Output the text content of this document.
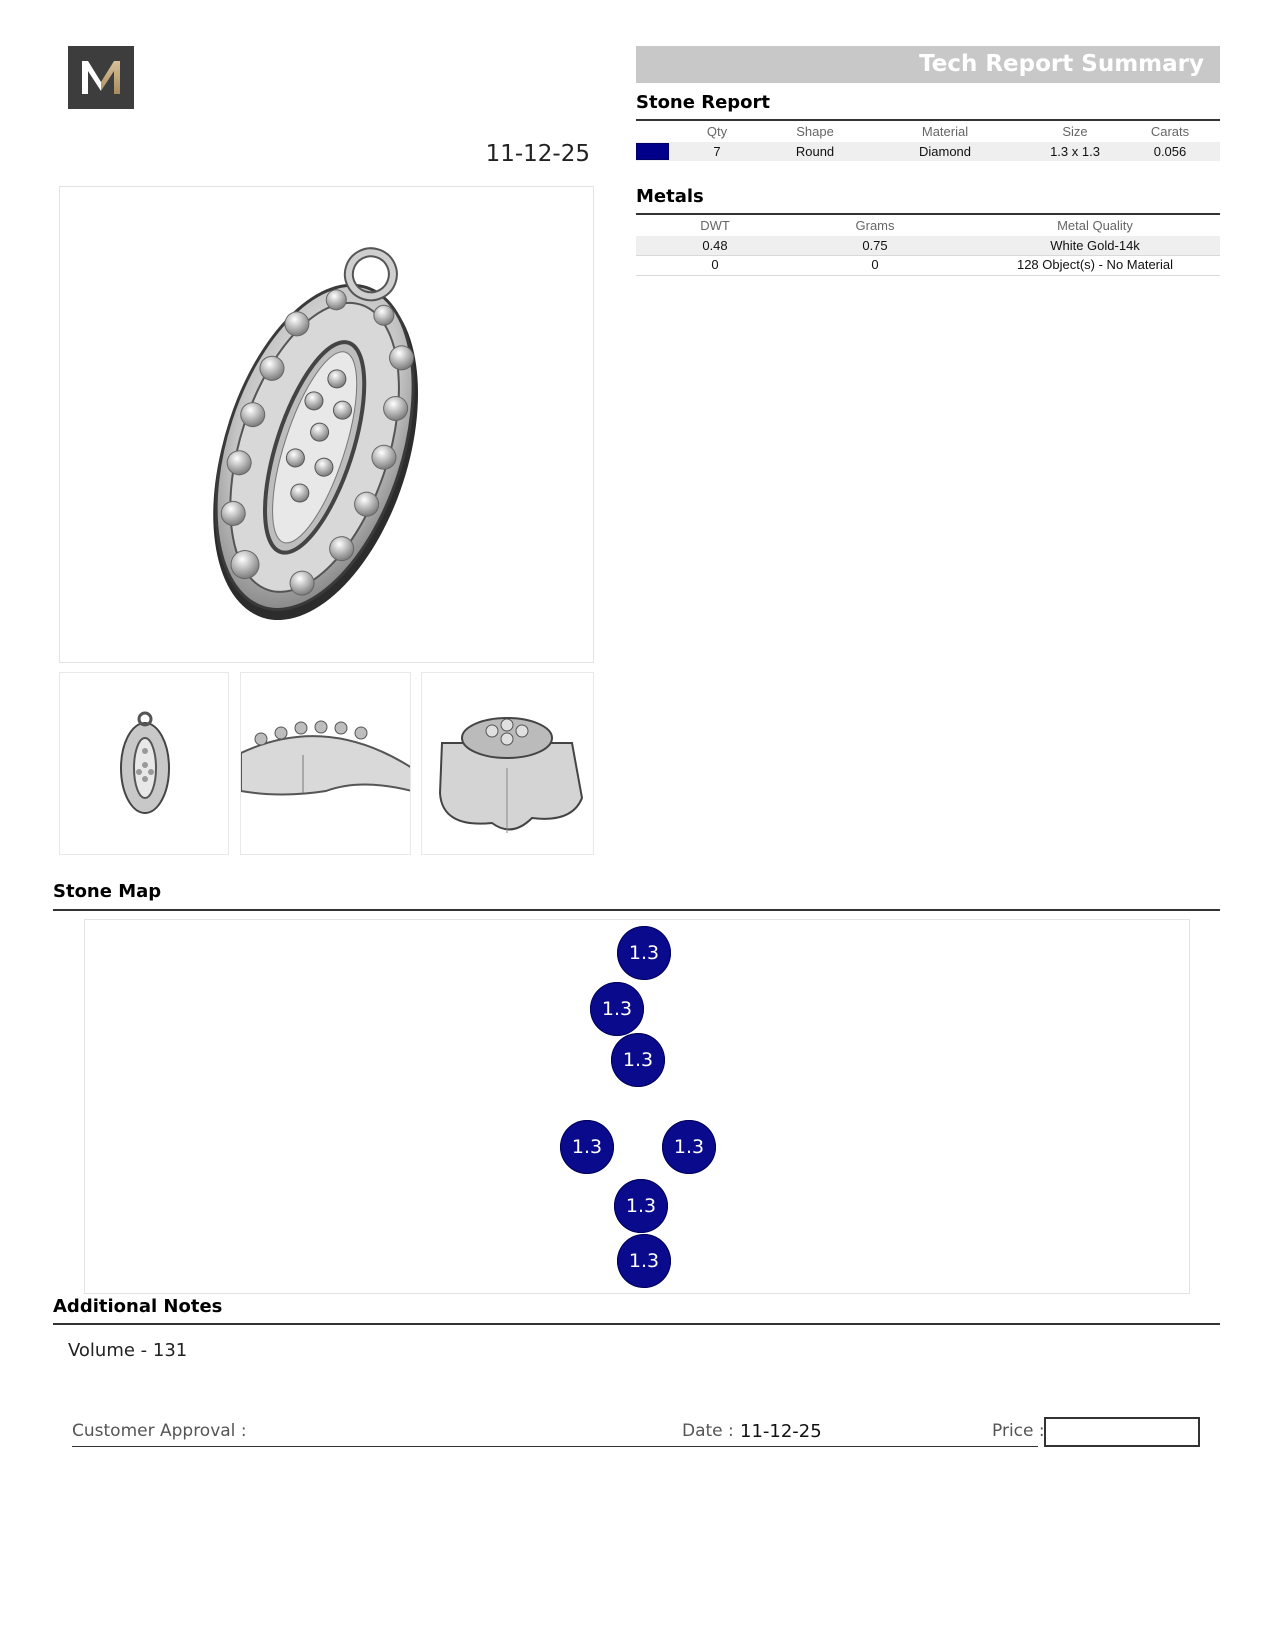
11-12-25
Tech Report Summary
Stone Report
Qty	Shape	Material	Size	Carats
7	Round	Diamond	1.3 x 1.3	0.056
Metals
DWT	Grams	Metal Quality
0.48	0.75	White Gold-14k
0	0	128 Object(s) - No Material
Stone Map
1.3
1.3
1.3
1.3	1.3
1.3
1.3
Additional Notes
Volume - 131
Customer Approval :	Date : 11-12-25	Price :
